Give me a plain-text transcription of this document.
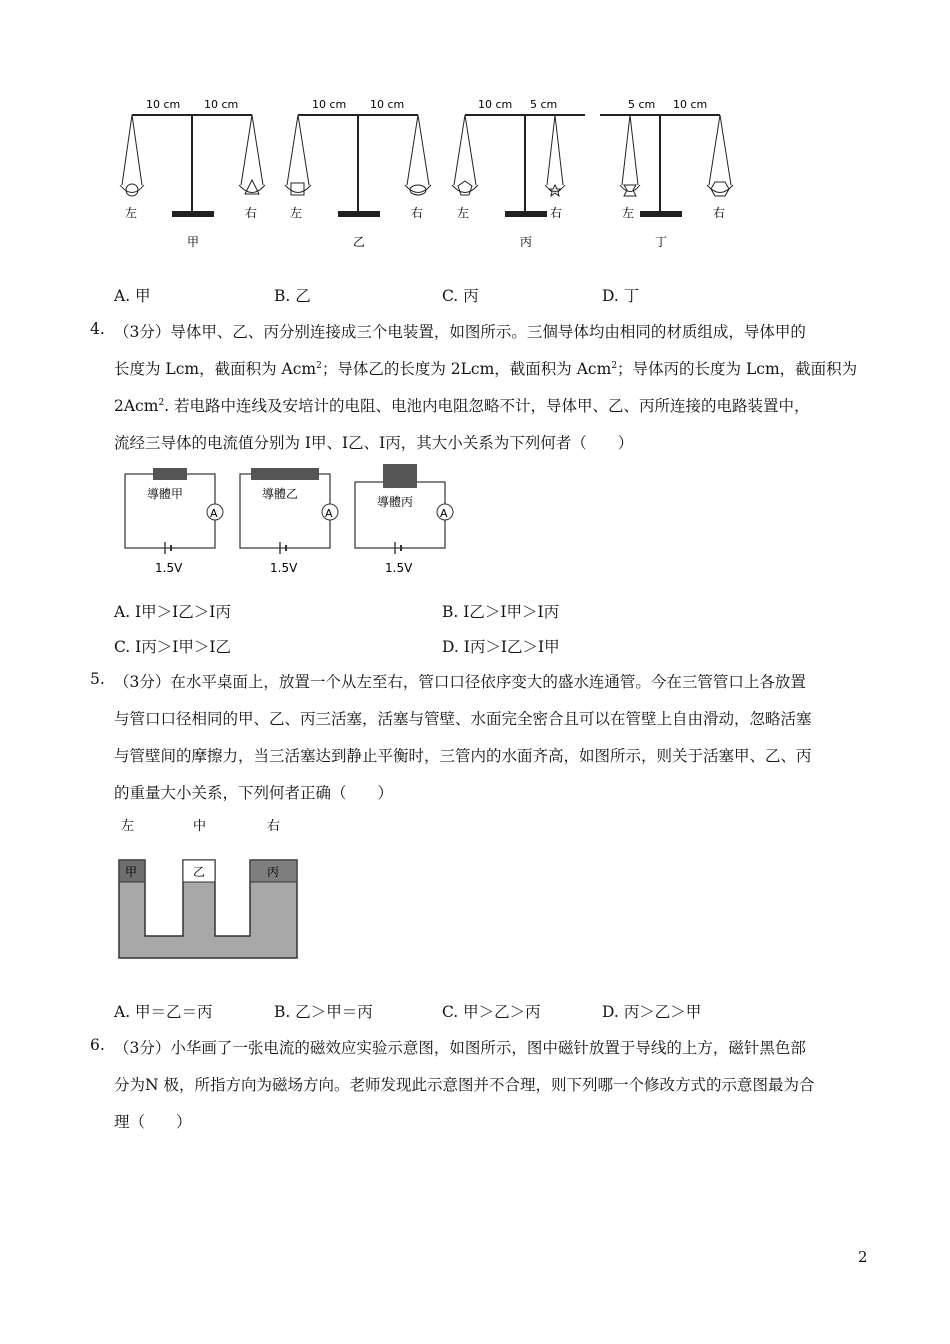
10 cm 10 cm
左	右
甲
10 cm 10 cm
左	右
乙
10 cm 5 cm
左	右
丙
5 cm 10 cm
左	右
丁
A. 甲	B. 乙	C. 丙	D. 丁
4. （3分）导体甲、乙、丙分别连接成三个电装置，如图所示。三個导体均由相同的材质组成，导体甲的
长度为 Lcm，截面积为 Acm$^2$；导体乙的长度为 2Lcm，截面积为 Acm$^2$；导体丙的长度为 Lcm，截面积为
2Acm$^2$. 若电路中连线及安培计的电阻、电池内电阻忽略不计，导体甲、乙、丙所连接的电路装置中，
流经三导体的电流值分别为 I甲、I乙、I丙，其大小关系为下列何者（　　）
A
導體甲
1.5V
A
導體乙
1.5V
A
導體丙
1.5V
A. I甲＞I乙＞I丙	B. I乙＞I甲＞I丙
C. I丙＞I甲＞I乙	D. I丙＞I乙＞I甲
5. （3分）在水平桌面上，放置一个从左至右，管口口径依序变大的盛水连通管。今在三管管口上各放置
与管口口径相同的甲、乙、丙三活塞，活塞与管壁、水面完全密合且可以在管壁上自由滑动，忽略活塞
与管壁间的摩擦力，当三活塞达到静止平衡时，三管内的水面齐高，如图所示，则关于活塞甲、乙、丙
的重量大小关系，下列何者正确（　　）
左	中	右
甲	乙	丙
A. 甲＝乙＝丙	B. 乙＞甲＝丙	C. 甲＞乙＞丙	D. 丙＞乙＞甲
6. （3分）小华画了一张电流的磁效应实验示意图，如图所示，图中磁针放置于导线的上方，磁针黑色部
分为N 极，所指方向为磁场方向。老师发现此示意图并不合理，则下列哪一个修改方式的示意图最为合
理（　　）
2
